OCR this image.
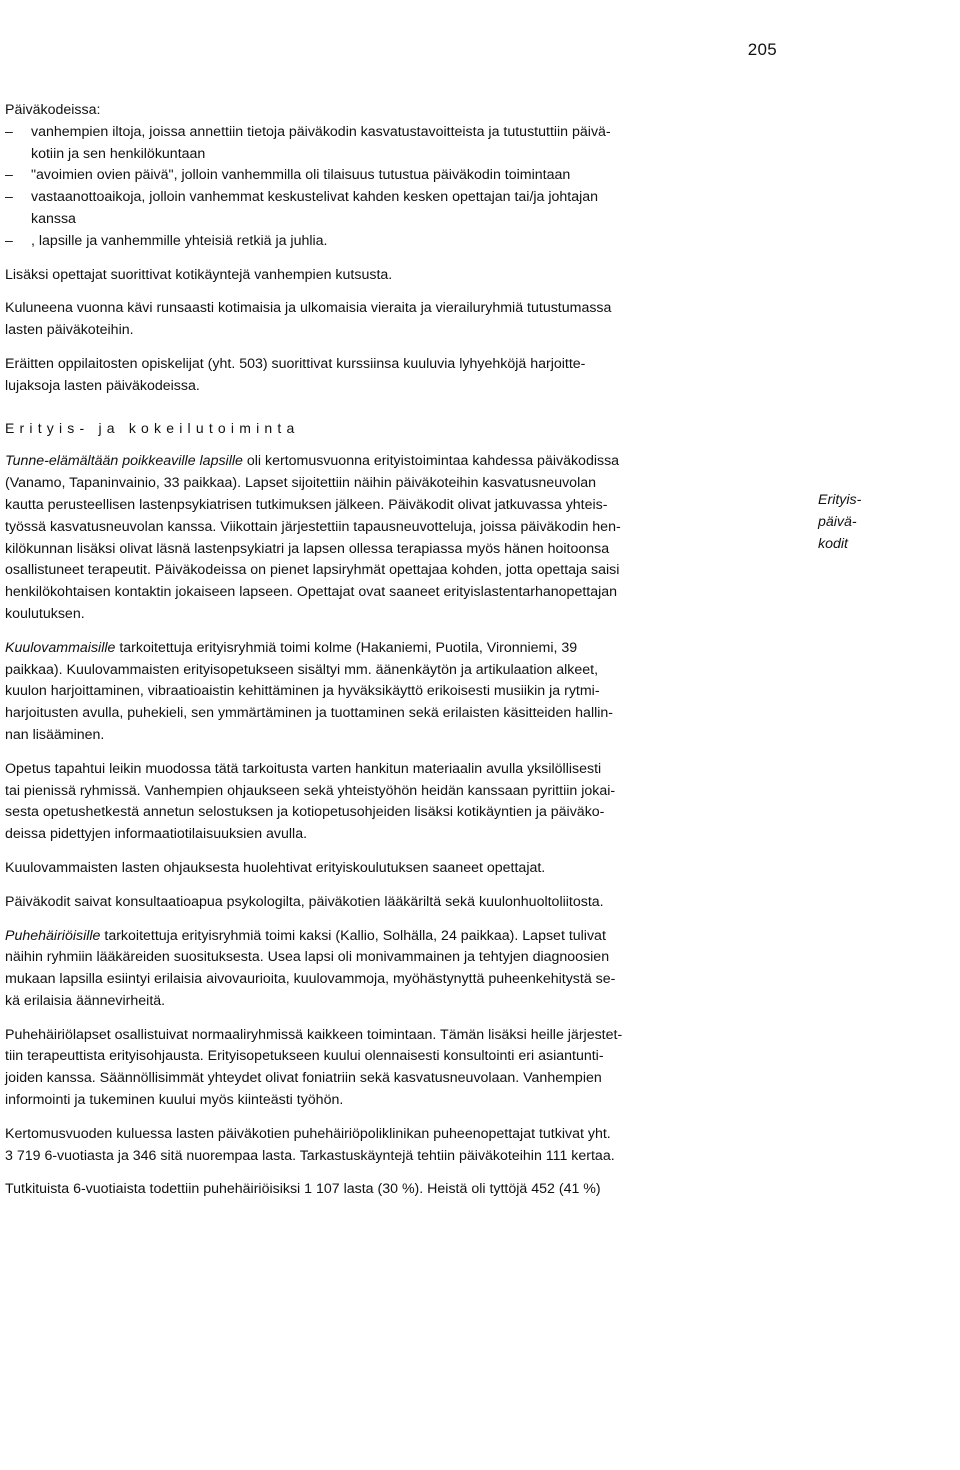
205
Päiväkodeissa:
–	vanhempien iltoja, joissa annettiin tietoja päiväkodin kasvatustavoitteista ja tutustuttiin päivä-
kotiin ja sen henkilökuntaan
–	"avoimien ovien päivä", jolloin vanhemmilla oli tilaisuus tutustua päiväkodin toimintaan
–	vastaanottoaikoja, jolloin vanhemmat keskustelivat kahden kesken opettajan tai/ja johtajan
kanssa
–	, lapsille ja vanhemmille yhteisiä retkiä ja juhlia.
Lisäksi opettajat suorittivat kotikäyntejä vanhempien kutsusta.
Kuluneena vuonna kävi runsaasti kotimaisia ja ulkomaisia vieraita ja vierailuryhmiä tutustumassa
lasten päiväkoteihin.
Eräitten oppilaitosten opiskelijat (yht. 503) suorittivat kurssiinsa kuuluvia lyhyehköjä harjoitte-
lujaksoja lasten päiväkodeissa.
Erityis- ja kokeilutoiminta
Tunne-elämältään poikkeaville lapsille oli kertomusvuonna erityistoimintaa kahdessa päiväkodissa
(Vanamo, Tapaninvainio, 33 paikkaa). Lapset sijoitettiin näihin päiväkoteihin kasvatusneuvolan
kautta perusteellisen lastenpsykiatrisen tutkimuksen jälkeen. Päiväkodit olivat jatkuvassa yhteis-
työssä kasvatusneuvolan kanssa. Viikottain järjestettiin tapausneuvotteluja, joissa päiväkodin hen-
kilökunnan lisäksi olivat läsnä lastenpsykiatri ja lapsen ollessa terapiassa myös hänen hoitoonsa
osallistuneet terapeutit. Päiväkodeissa on pienet lapsiryhmät opettajaa kohden, jotta opettaja saisi
henkilökohtaisen kontaktin jokaiseen lapseen. Opettajat ovat saaneet erityislastentarhanopettajan
koulutuksen.
Kuulovammaisille tarkoitettuja erityisryhmiä toimi kolme (Hakaniemi, Puotila, Vironniemi, 39
paikkaa). Kuulovammaisten erityisopetukseen sisältyi mm. äänenkäytön ja artikulaation alkeet,
kuulon harjoittaminen, vibraatioaistin kehittäminen ja hyväksikäyttö erikoisesti musiikin ja rytmi-
harjoitusten avulla, puhekieli, sen ymmärtäminen ja tuottaminen sekä erilaisten käsitteiden hallin-
nan lisääminen.
Opetus tapahtui leikin muodossa tätä tarkoitusta varten hankitun materiaalin avulla yksilöllisesti
tai pienissä ryhmissä. Vanhempien ohjaukseen sekä yhteistyöhön heidän kanssaan pyrittiin jokai-
sesta opetushetkestä annetun selostuksen ja kotiopetusohjeiden lisäksi kotikäyntien ja päiväko-
deissa pidettyjen informaatiotilaisuuksien avulla.
Kuulovammaisten lasten ohjauksesta huolehtivat erityiskoulutuksen saaneet opettajat.
Päiväkodit saivat konsultaatioapua psykologilta, päiväkotien lääkäriltä sekä kuulonhuoltoliitosta.
Puhehäiriöisille tarkoitettuja erityisryhmiä toimi kaksi (Kallio, Solhälla, 24 paikkaa). Lapset tulivat
näihin ryhmiin lääkäreiden suosituksesta. Usea lapsi oli monivammainen ja tehtyjen diagnoosien
mukaan lapsilla esiintyi erilaisia aivovaurioita, kuulovammoja, myöhästynyttä puheenkehitystä se-
kä erilaisia äännevirheitä.
Puhehäiriölapset osallistuivat normaaliryhmissä kaikkeen toimintaan. Tämän lisäksi heille järjestet-
tiin terapeuttista erityisohjausta. Erityisopetukseen kuului olennaisesti konsultointi eri asiantunti-
joiden kanssa. Säännöllisimmät yhteydet olivat foniatriin sekä kasvatusneuvolaan. Vanhempien
informointi ja tukeminen kuului myös kiinteästi työhön.
Kertomusvuoden kuluessa lasten päiväkotien puhehäiriöpoliklinikan puheenopettajat tutkivat yht.
3 719 6-vuotiasta ja 346 sitä nuorempaa lasta. Tarkastuskäyntejä tehtiin päiväkoteihin 111 kertaa.
Tutkituista 6-vuotiaista todettiin puhehäiriöisiksi 1 107 lasta (30 %). Heistä oli tyttöjä 452 (41 %)
Erityis-
päivä-
kodit
